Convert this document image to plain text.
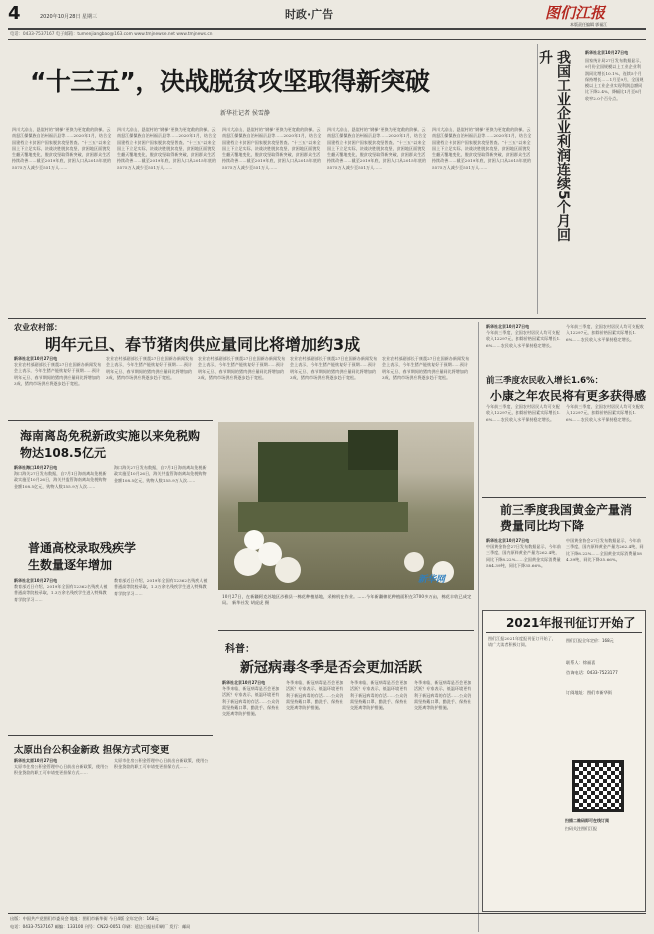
4	2020年10月28日 星期三	时政·广告	图们江报
本版责任编辑 郭福江
电话：0433-7537167 电子邮箱：tumenjiangbao@163.com www.tmjnewse.net www.tmjnews.cn
“十三五”，决战脱贫攻坚取得新突破
新华社记者 侯雪静
四川大凉山，悬崖村的“钢梯”更换为更宽敞的阶梯。云南怒江傈僳族自治州福贡县等……2020年1月，结合全国建档立卡贫困户国家脱贫攻坚普查。“十三五”以来全国上下立足实际，决战决胜脱贫攻坚，贫困地区面貌发生翻天覆地变化，脱贫攻坚取得新突破，贫困群众生活持续改善……截至2019年底，贫困人口从2015年底的5575万人减少至551万人……
四川大凉山，悬崖村的“钢梯”更换为更宽敞的阶梯。云南怒江傈僳族自治州福贡县等……2020年1月，结合全国建档立卡贫困户国家脱贫攻坚普查。“十三五”以来全国上下立足实际，决战决胜脱贫攻坚，贫困地区面貌发生翻天覆地变化，脱贫攻坚取得新突破，贫困群众生活持续改善……截至2019年底，贫困人口从2015年底的5575万人减少至551万人……
四川大凉山，悬崖村的“钢梯”更换为更宽敞的阶梯。云南怒江傈僳族自治州福贡县等……2020年1月，结合全国建档立卡贫困户国家脱贫攻坚普查。“十三五”以来全国上下立足实际，决战决胜脱贫攻坚，贫困地区面貌发生翻天覆地变化，脱贫攻坚取得新突破，贫困群众生活持续改善……截至2019年底，贫困人口从2015年底的5575万人减少至551万人……
四川大凉山，悬崖村的“钢梯”更换为更宽敞的阶梯。云南怒江傈僳族自治州福贡县等……2020年1月，结合全国建档立卡贫困户国家脱贫攻坚普查。“十三五”以来全国上下立足实际，决战决胜脱贫攻坚，贫困地区面貌发生翻天覆地变化，脱贫攻坚取得新突破，贫困群众生活持续改善……截至2019年底，贫困人口从2015年底的5575万人减少至551万人……
四川大凉山，悬崖村的“钢梯”更换为更宽敞的阶梯。云南怒江傈僳族自治州福贡县等……2020年1月，结合全国建档立卡贫困户国家脱贫攻坚普查。“十三五”以来全国上下立足实际，决战决胜脱贫攻坚，贫困地区面貌发生翻天覆地变化，脱贫攻坚取得新突破，贫困群众生活持续改善……截至2019年底，贫困人口从2015年底的5575万人减少至551万人……	我国工业企业利润连续5个月回升	新华社北京10月27日电
国家统计局27日发布数据显示，9月份全国规模以上工业企业利润同比增长10.1%，连续5个月保持增长……1月至9月，全国规模以上工业企业实现利润总额同比下降2.4%，降幅比1月至8月收窄2.0个百分点。
农业农村部：
明年元旦、春节猪肉供应量同比将增加约3成
新华社北京10月27日电
农业农村部副部长于康震27日在国新办新闻发布会上表示，今年生猪产能恢复好于预期……预计明年元旦、春节期间的猪肉供应量同比将增加约3成，猪肉市场供应将逐步趋于宽松。
农业农村部副部长于康震27日在国新办新闻发布会上表示，今年生猪产能恢复好于预期……预计明年元旦、春节期间的猪肉供应量同比将增加约3成，猪肉市场供应将逐步趋于宽松。
农业农村部副部长于康震27日在国新办新闻发布会上表示，今年生猪产能恢复好于预期……预计明年元旦、春节期间的猪肉供应量同比将增加约3成，猪肉市场供应将逐步趋于宽松。
农业农村部副部长于康震27日在国新办新闻发布会上表示，今年生猪产能恢复好于预期……预计明年元旦、春节期间的猪肉供应量同比将增加约3成，猪肉市场供应将逐步趋于宽松。
农业农村部副部长于康震27日在国新办新闻发布会上表示，今年生猪产能恢复好于预期……预计明年元旦、春节期间的猪肉供应量同比将增加约3成，猪肉市场供应将逐步趋于宽松。
新华社北京10月27日电
今年前三季度，全国农村居民人均可支配收入12297元，扣除价格因素实际增长1.6%……农民收入水平保持稳定增长。
今年前三季度，全国农村居民人均可支配收入12297元，扣除价格因素实际增长1.6%……农民收入水平保持稳定增长。
前三季度农民收入增长1.6%：
小康之年农民将有更多获得感
今年前三季度，全国农村居民人均可支配收入12297元，扣除价格因素实际增长1.6%……农民收入水平保持稳定增长。
今年前三季度，全国农村居民人均可支配收入12297元，扣除价格因素实际增长1.6%……农民收入水平保持稳定增长。
前三季度我国黄金产量消费量同比均下降
新华社北京10月27日电
中国黄金协会27日发布数据显示，今年前三季度，国内原料黄金产量为262.4吨，同比下降8.22%……全国黄金实际消费量584.39吨，同比下降35.66%。
中国黄金协会27日发布数据显示，今年前三季度，国内原料黄金产量为262.4吨，同比下降8.22%……全国黄金实际消费量584.39吨，同比下降35.66%。
2021年报刊征订开始了
图们江报2021年度报刊征订开始了，请广大读者积极订阅。
图们江报全年定价：168元
联系人：徐福喜
咨询电话：0433-7523177
订阅地址：图们市新华街
扫描二维码即可在线订阅
扫码关注图们江报
海南离岛免税新政实施以来免税购物达108.5亿元
新华社海口10月27日电
海口海关27日发布数据，自7月1日海南离岛免税新政实施至10月26日，海关共监管海南离岛免税购物金额108.5亿元，购物人数155.9万人次……
海口海关27日发布数据，自7月1日海南离岛免税新政实施至10月26日，海关共监管海南离岛免税购物金额108.5亿元，购物人数155.9万人次……
普通高校录取残疾学生数量逐年增加
新华社北京10月27日电
教育部近日介绍，2019年全国有12362名残疾人被普通高等院校录取，1.3万余名残疾学生进入特殊教育学院学习……
教育部近日介绍，2019年全国有12362名残疾人被普通高等院校录取，1.3万余名残疾学生进入特殊教育学院学习……
太原出台公积金新政 担保方式可变更
新华社太原10月27日电
太原市住房公积金管理中心日前出台新政策，使用公积金贷款的职工可申请变更担保方式……
太原市住房公积金管理中心日前出台新政策，使用公积金贷款的职工可申请变更担保方式……
新华网
10月27日，在新疆阿克苏地区沙雅县一棉花种植基地，采棉机在作业。……今年新疆棉花种植面积在3700多万亩，棉花丰收已成定局。 新华社发 胡虎虎 摄
科普：
新冠病毒冬季是否会更加活跃
新华社北京10月27日电
冬季来临，新冠病毒是否会更加活跃？专家表示，低温环境更有利于新冠病毒的存活……公众仍需坚持戴口罩、勤洗手、保持社交距离等防护措施。
冬季来临，新冠病毒是否会更加活跃？专家表示，低温环境更有利于新冠病毒的存活……公众仍需坚持戴口罩、勤洗手、保持社交距离等防护措施。
冬季来临，新冠病毒是否会更加活跃？专家表示，低温环境更有利于新冠病毒的存活……公众仍需坚持戴口罩、勤洗手、保持社交距离等防护措施。
冬季来临，新冠病毒是否会更加活跃？专家表示，低温环境更有利于新冠病毒的存活……公众仍需坚持戴口罩、勤洗手、保持社交距离等防护措施。
出版：中国共产党图们市委员会 地址：图们市新华街 今日4版 全年定价：168元
电话：0433-7537167 邮编：133100 刊号：CN22-0051 印刷：延边日报社印刷厂 发行：邮局
